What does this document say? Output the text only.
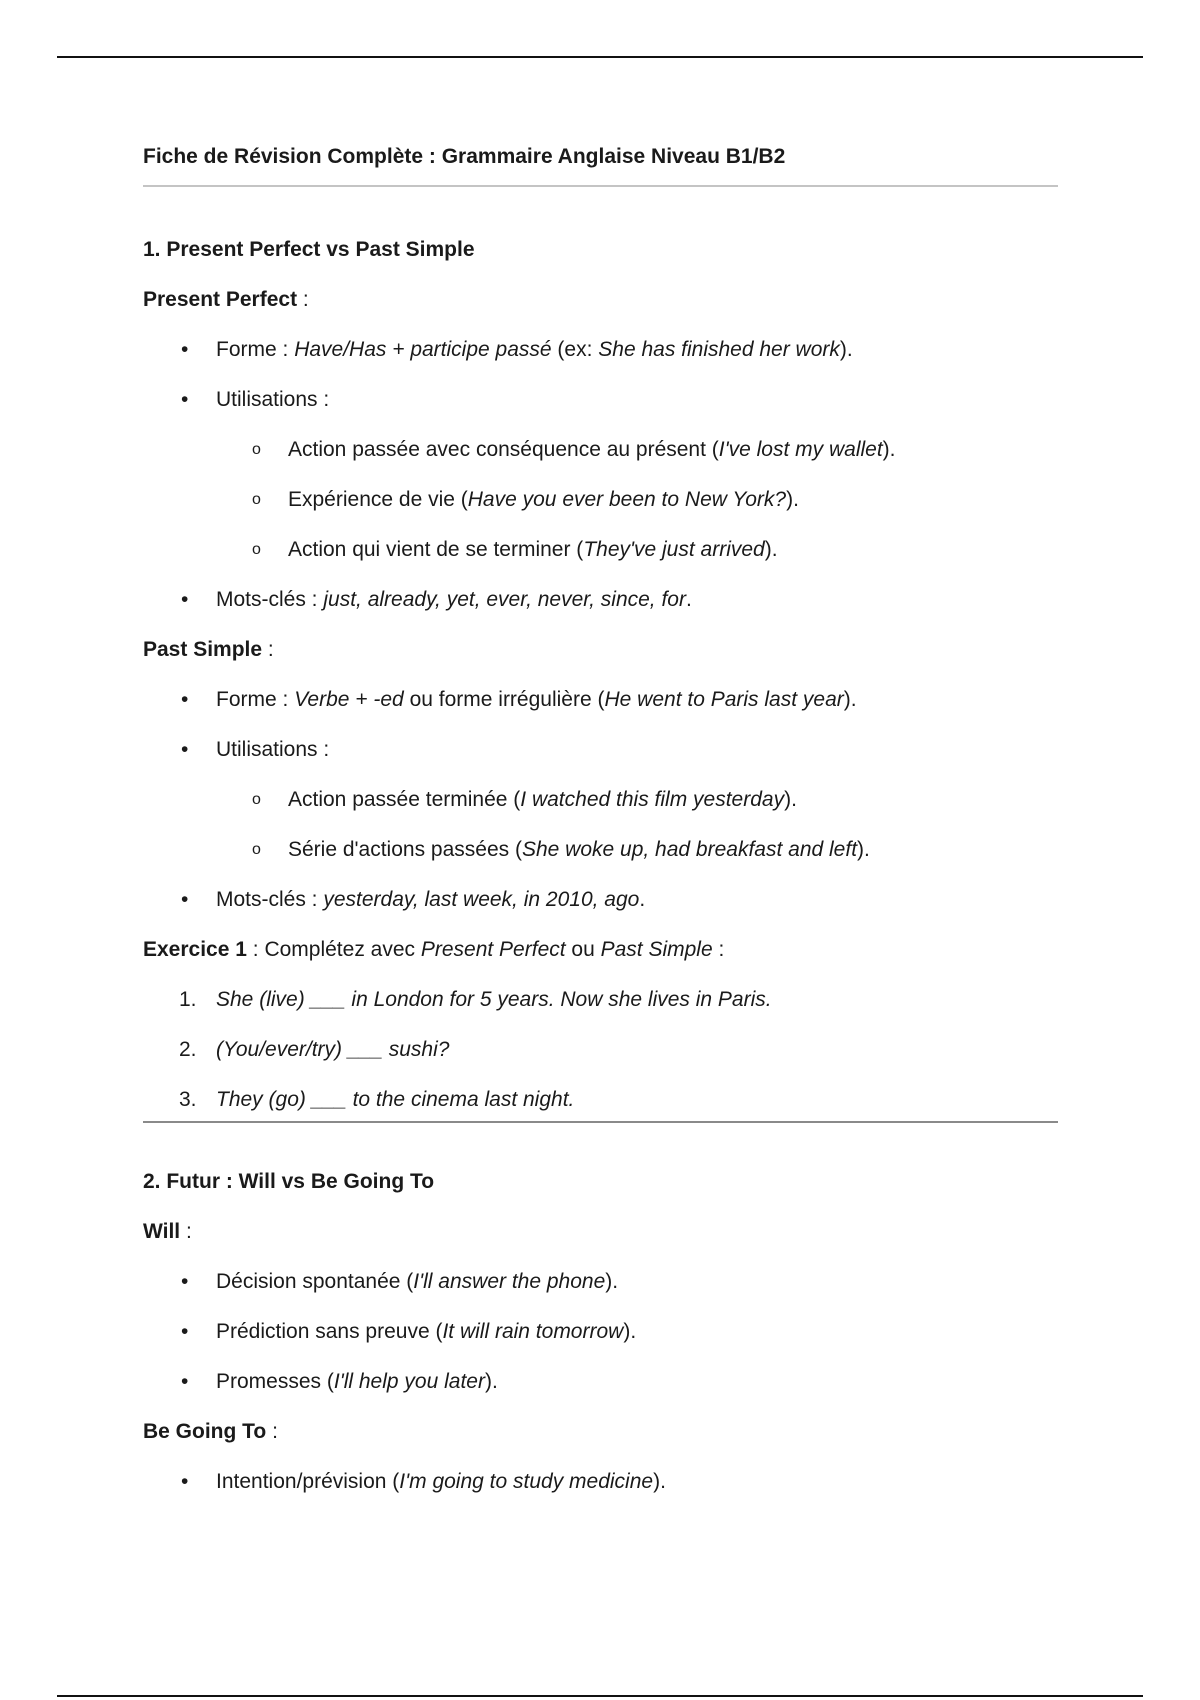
Fiche de Révision Complète : Grammaire Anglaise Niveau B1/B2
1. Present Perfect vs Past Simple
Present Perfect :
•	Forme : Have/Has + participe passé (ex: She has finished her work).
•	Utilisations :
o Action passée avec conséquence au présent (I've lost my wallet).
o Expérience de vie (Have you ever been to New York?).
o Action qui vient de se terminer (They've just arrived).
•	Mots-clés : just, already, yet, ever, never, since, for.
Past Simple :
•	Forme : Verbe + -ed ou forme irrégulière (He went to Paris last year).
•	Utilisations :
o Action passée terminée (I watched this film yesterday).
o Série d'actions passées (She woke up, had breakfast and left).
•	Mots-clés : yesterday, last week, in 2010, ago.
Exercice 1 : Complétez avec Present Perfect ou Past Simple :
1. She (live) ___ in London for 5 years. Now she lives in Paris.
2. (You/ever/try) ___ sushi?
3. They (go) ___ to the cinema last night.
2. Futur : Will vs Be Going To
Will :
•	Décision spontanée (I'll answer the phone).
•	Prédiction sans preuve (It will rain tomorrow).
•	Promesses (I'll help you later).
Be Going To :
•	Intention/prévision (I'm going to study medicine).
